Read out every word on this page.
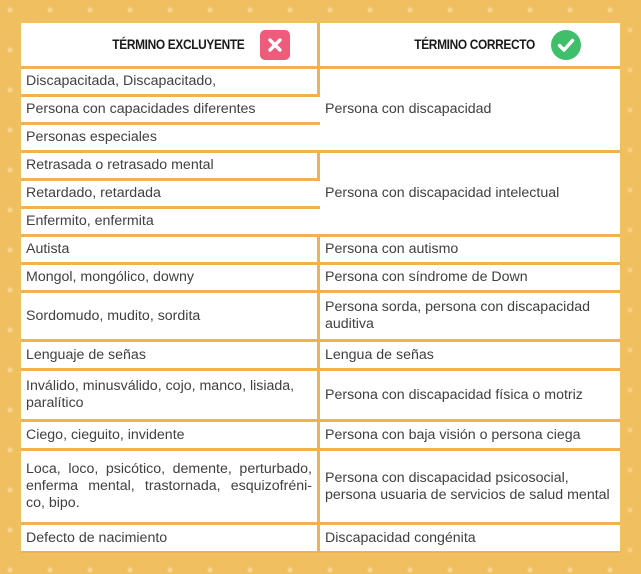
TÉRMINO EXCLUYENTE	TÉRMINO CORRECTO

Discapacitada, Discapacitado,	Persona con discapacidad
Persona con capacidades diferentes	
Personas especiales	
Retrasada o retrasado mental	Persona con discapacidad intelectual
Retardado, retardada	
Enfermito, enfermita	
Autista	Persona con autismo
Mongol, mongólico, downy	Persona con síndrome de Down
Sordomudo, mudito, sordita	Persona sorda, persona con discapacidad auditiva
Lenguaje de señas	Lengua de señas
Inválido, minusválido, cojo, manco, lisiada, paralítico	Persona con discapacidad física o motriz
Ciego, cieguito, invidente	Persona con baja visión o persona ciega
Loca, loco, psicótico, demente, perturbado, enferma mental, trastornada, esquizofréni-co, bipo.	Persona con discapacidad psicosocial, persona usuaria de servicios de salud mental
Defecto de nacimiento	Discapacidad congénita
